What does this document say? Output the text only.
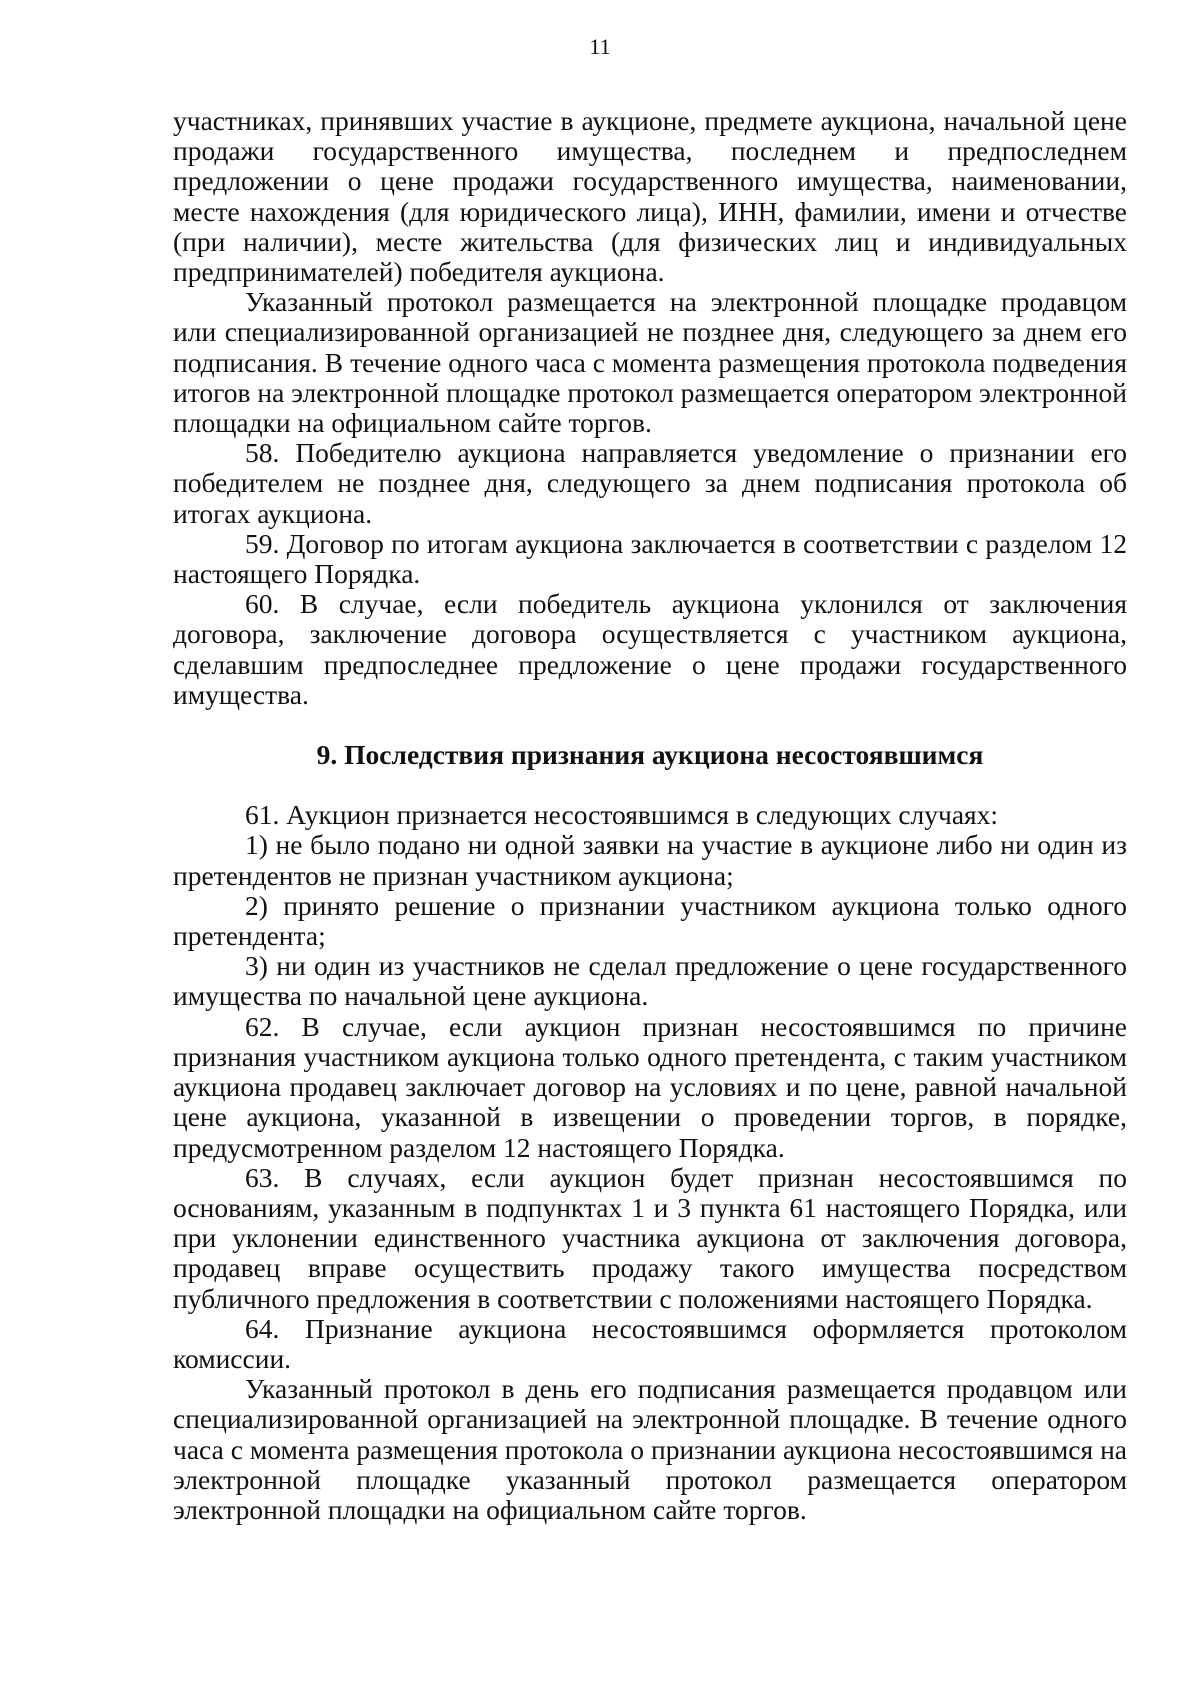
11

участниках, принявших участие в аукционе, предмете аукциона, начальной цене продажи государственного имущества, последнем и предпоследнем предложении о цене продажи государственного имущества, наименовании, месте нахождения (для юридического лица), ИНН, фамилии, имени и отчестве (при наличии), месте жительства (для физических лиц и индивидуальных предпринимателей) победителя аукциона.

Указанный протокол размещается на электронной площадке продавцом или специализированной организацией не позднее дня, следующего за днем его подписания. В течение одного часа с момента размещения протокола подведения итогов на электронной площадке протокол размещается оператором электронной площадки на официальном сайте торгов.

58. Победителю аукциона направляется уведомление о признании его победителем не позднее дня, следующего за днем подписания протокола об итогах аукциона.

59. Договор по итогам аукциона заключается в соответствии с разделом 12 настоящего Порядка.

60. В случае, если победитель аукциона уклонился от заключения договора, заключение договора осуществляется с участником аукциона, сделавшим предпоследнее предложение о цене продажи государственного имущества.

9. Последствия признания аукциона несостоявшимся

61. Аукцион признается несостоявшимся в следующих случаях:

1) не было подано ни одной заявки на участие в аукционе либо ни один из претендентов не признан участником аукциона;

2) принято решение о признании участником аукциона только одного претендента;

3) ни один из участников не сделал предложение о цене государственного имущества по начальной цене аукциона.

62. В случае, если аукцион признан несостоявшимся по причине признания участником аукциона только одного претендента, с таким участником аукциона продавец заключает договор на условиях и по цене, равной начальной цене аукциона, указанной в извещении о проведении торгов, в порядке, предусмотренном разделом 12 настоящего Порядка.

63. В случаях, если аукцион будет признан несостоявшимся по основаниям, указанным в подпунктах 1 и 3 пункта 61 настоящего Порядка, или при уклонении единственного участника аукциона от заключения договора, продавец вправе осуществить продажу такого имущества посредством публичного предложения в соответствии с положениями настоящего Порядка.

64. Признание аукциона несостоявшимся оформляется протоколом комиссии.

Указанный протокол в день его подписания размещается продавцом или специализированной организацией на электронной площадке. В течение одного часа с момента размещения протокола о признании аукциона несостоявшимся на электронной площадке указанный протокол размещается оператором электронной площадки на официальном сайте торгов.
